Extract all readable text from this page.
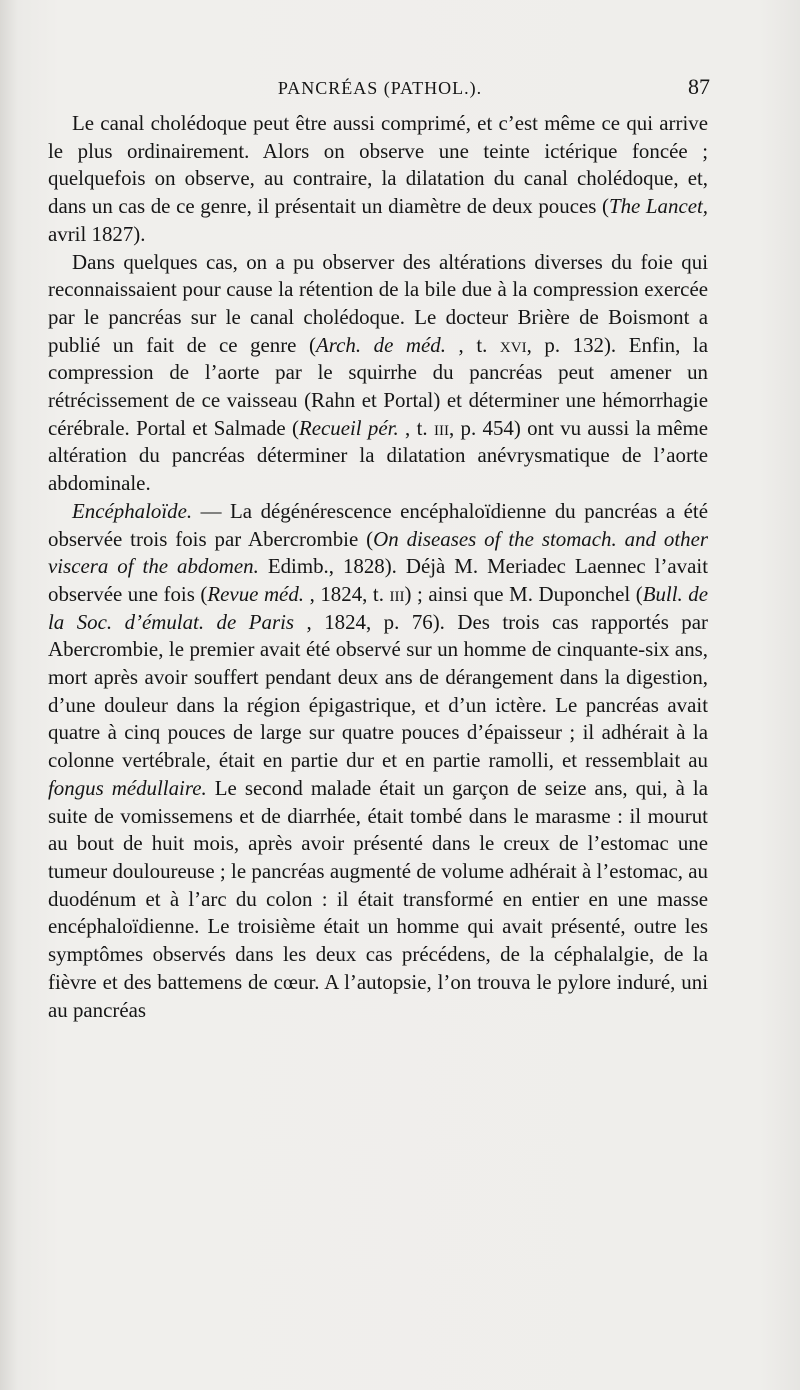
PANCRÉAS (PATHOL.).	87

Le canal cholédoque peut être aussi comprimé, et c’est même ce qui arrive le plus ordinairement. Alors on observe une teinte ictérique foncée ; quelquefois on observe, au contraire, la dilatation du canal cholédoque, et, dans un cas de ce genre, il présentait un diamètre de deux pouces (The Lancet, avril 1827).

Dans quelques cas, on a pu observer des altérations diverses du foie qui reconnaissaient pour cause la rétention de la bile due à la compression exercée par le pancréas sur le canal cholédoque. Le docteur Brière de Boismont a publié un fait de ce genre (Arch. de méd. , t. xvi, p. 132). Enfin, la compression de l’aorte par le squirrhe du pancréas peut amener un rétrécissement de ce vaisseau (Rahn et Portal) et déterminer une hémorrhagie cérébrale. Portal et Salmade (Recueil pér. , t. iii, p. 454) ont vu aussi la même altération du pancréas déterminer la dilatation anévrysmatique de l’aorte abdominale.

Encéphaloïde. — La dégénérescence encéphaloïdienne du pancréas a été observée trois fois par Abercrombie (On diseases of the stomach. and other viscera of the abdomen. Edimb., 1828). Déjà M. Meriadec Laennec l’avait observée une fois (Revue méd. , 1824, t. iii) ; ainsi que M. Duponchel (Bull. de la Soc. d’émulat. de Paris , 1824, p. 76). Des trois cas rapportés par Abercrombie, le premier avait été observé sur un homme de cinquante-six ans, mort après avoir souffert pendant deux ans de dérangement dans la digestion, d’une douleur dans la région épigastrique, et d’un ictère. Le pancréas avait quatre à cinq pouces de large sur quatre pouces d’épaisseur ; il adhérait à la colonne vertébrale, était en partie dur et en partie ramolli, et ressemblait au fongus médullaire. Le second malade était un garçon de seize ans, qui, à la suite de vomissemens et de diarrhée, était tombé dans le marasme : il mourut au bout de huit mois, après avoir présenté dans le creux de l’estomac une tumeur douloureuse ; le pancréas augmenté de volume adhérait à l’estomac, au duodénum et à l’arc du colon : il était transformé en entier en une masse encéphaloïdienne. Le troisième était un homme qui avait présenté, outre les symptômes observés dans les deux cas précédens, de la céphalalgie, de la fièvre et des battemens de cœur. A l’autopsie, l’on trouva le pylore induré, uni au pancréas
